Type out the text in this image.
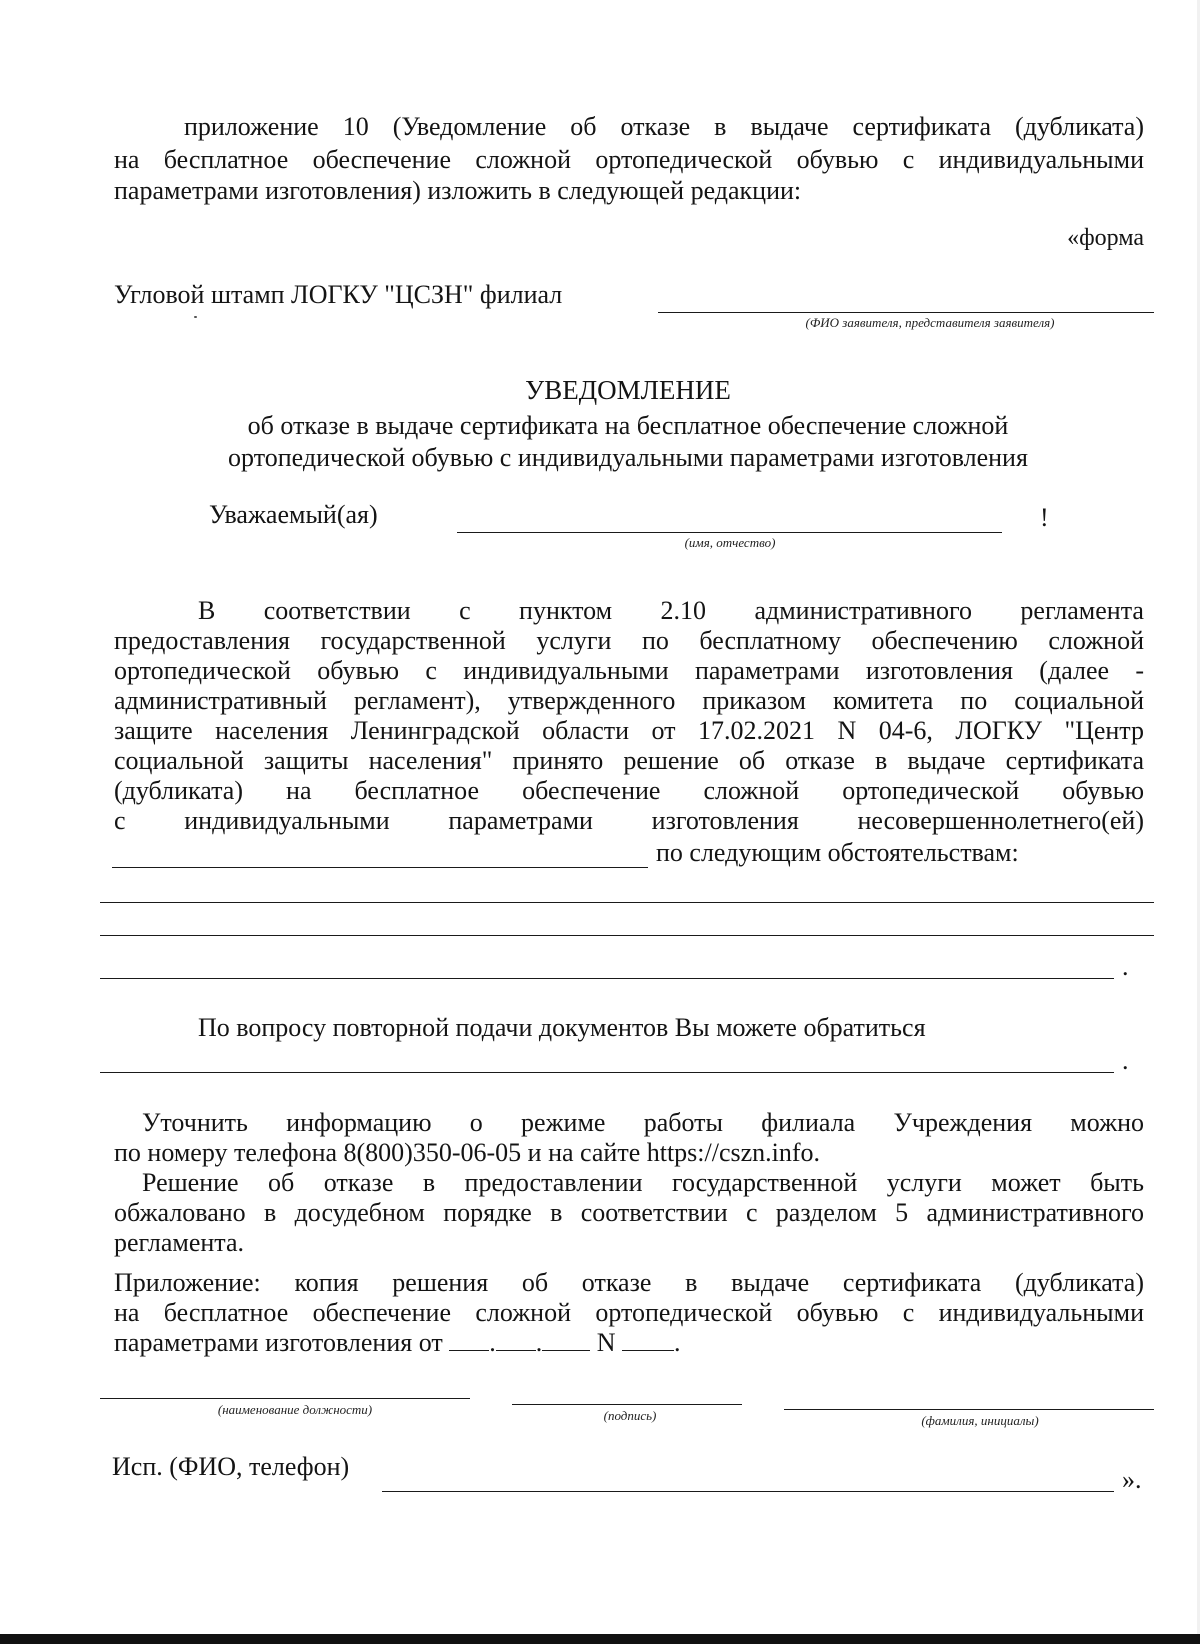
приложение 10 (Уведомление об отказе в выдаче сертификата (дубликата)
на бесплатное обеспечение сложной ортопедической обувью с индивидуальными
параметрами изготовления) изложить в следующей редакции:
«форма
Угловой штамп ЛОГКУ "ЦСЗН" филиал
(ФИО заявителя, представителя заявителя)
УВЕДОМЛЕНИЕ
об отказе в выдаче сертификата на бесплатное обеспечение сложной
ортопедической обувью с индивидуальными параметрами изготовления
Уважаемый(ая)	!
(имя, отчество)
В соответствии с пунктом 2.10 административного регламента
предоставления государственной услуги по бесплатному обеспечению сложной
ортопедической обувью с индивидуальными параметрами изготовления (далее -
административный регламент), утвержденного приказом комитета по социальной
защите населения Ленинградской области от 17.02.2021 N 04-6, ЛОГКУ "Центр
социальной защиты населения" принято решение об отказе в выдаче сертификата
(дубликата) на бесплатное обеспечение сложной ортопедической обувью
с индивидуальными параметрами изготовления несовершеннолетнего(ей)
по следующим обстоятельствам:
.
По вопросу повторной подачи документов Вы можете обратиться
.
Уточнить информацию о режиме работы филиала Учреждения можно
по номеру телефона 8(800)350-06-05 и на сайте https://cszn.info.
Решение об отказе в предоставлении государственной услуги может быть
обжаловано в досудебном порядке в соответствии с разделом 5 административного
регламента.
Приложение: копия решения об отказе в выдаче сертификата (дубликата)
на бесплатное обеспечение сложной ортопедической обувью с индивидуальными
параметрами изготовления от . . N .
(наименование должности)	(подпись)	(фамилия, инициалы)
Исп. (ФИО, телефон)	».
